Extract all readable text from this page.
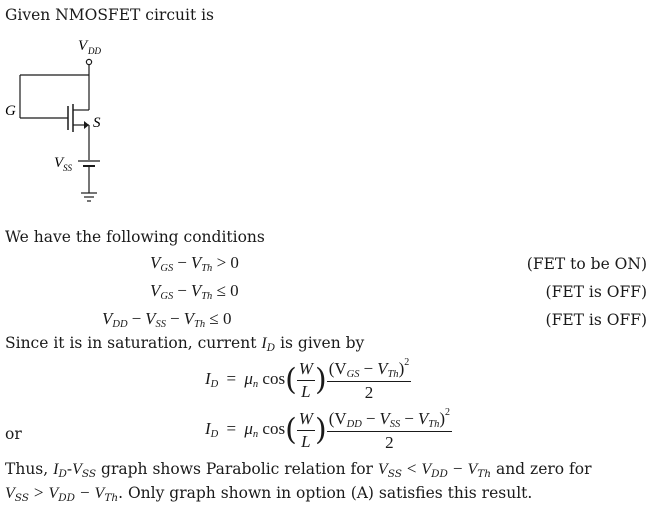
Given NMOSFET circuit is
V DD
G
S
V SS
We have the following conditions
$V_{GS} - V_{Th} > 0$	(FET to be ON)
$V_{GS} - V_{Th} \le 0$	(FET is OFF)
$V_{DD} - V_{SS} - V_{Th} \le 0$	(FET is OFF)
Since it is in saturation, current $I_D$ is given by
$I_D = \mu_n$ $\cos( \frac{W}{L}$ ) $\frac{(V_{GS} - V_{Th})^2}{2}$
or	$I_D = \mu_n$ $\cos( \frac{W}{L}$ ) $\frac{(V_{DD} - V_{SS} - V_{Th})^2}{2}$
Thus, $I_D-V_{SS}$ graph shows Parabolic relation for $V_{SS} < V_{DD} - V_{Th}$ and zero for
$V_{SS} > V_{DD} - V_{Th}$. Only graph shown in option (A) satisfies this result.
